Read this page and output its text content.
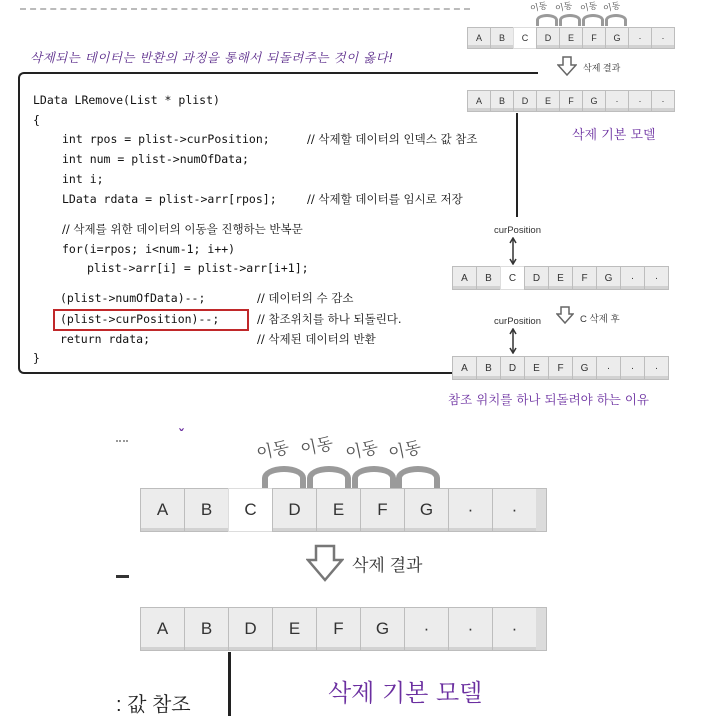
삭제되는 데이터는 반환의 과정을 통해서 되돌려주는 것이 옳다!
LData LRemove(List * plist)
{
int rpos = plist->curPosition;	// 삭제할 데이터의 인덱스 값 참조
int num = plist->numOfData;
int i;
LData rdata = plist->arr[rpos];	// 삭제할 데이터를 임시로 저장
// 삭제를 위한 데이터의 이동을 진행하는 반복문
for(i=rpos; i<num-1; i++)
plist->arr[i] = plist->arr[i+1];
(plist->numOfData)--;	// 데이터의 수 감소
(plist->curPosition)--;	// 참조위치를 하나 되돌린다.
return rdata;	// 삭제된 데이터의 반환
}
이동 이동 이동 이동
A	B	C	D	E	F	G	·	·
삭제 결과
A	B	D	E	F	G	·	·	·
삭제 기본 모델
curPosition
A	B	C	D	E	F	G	·	·
curPosition	C 삭제 후
A	B	D	E	F	G	·	·	·
참조 위치를 하나 되돌려야 하는 이유
ˇ
이동 이동 이동 이동
A	B	C	D	E	F	G	·	·
삭제 결과
A	B	D	E	F	G	·	·	·
삭제 기본 모델
: 값 참조
